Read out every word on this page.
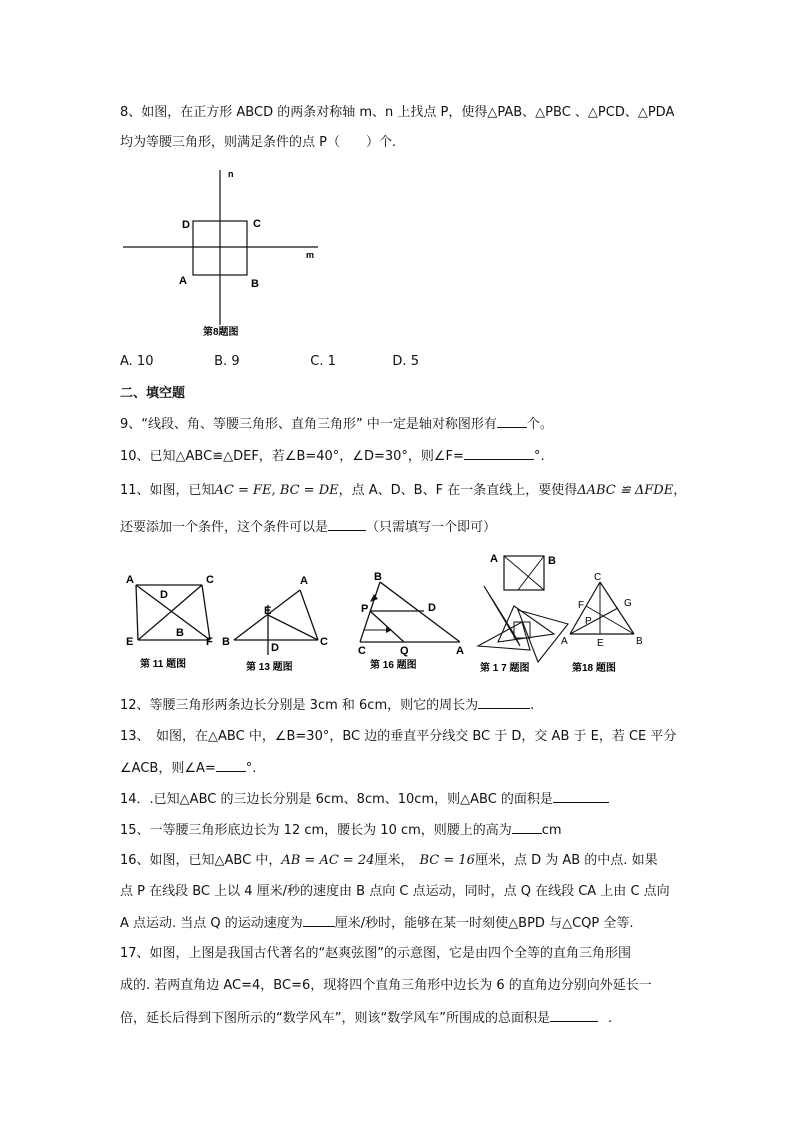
8、如图，在正方形 ABCD 的两条对称轴 m、n 上找点 P，使得△PAB、△PBC 、△PCD、△PDA
均为等腰三角形，则满足条件的点 P（　　）个.
n
m
D	C
A	B
第8题图
A. 10	B. 9	C. 1	D. 5
二、填空题
9、“线段、角、等腰三角形、直角三角形” 中一定是轴对称图形有 个。
10、已知△ABC≌△DEF，若∠B=40°，∠D=30°，则∠F=	°.
11、如图，已知AC = FE, BC = DE，点 A、D、B、F 在一条直线上，要使得ΔABC ≌ ΔFDE，
还要添加一个条件，这个条件可以是	（只需填写一个即可）
A	C
D
B
E	F
第 11 题图
A
E
B	D	C
第 13 题图
B
P	D
C	Q	A
第 16 题图
A	B
第 1 7 题图
C
F	G
P
A	E	B
第18 题图
12、等腰三角形两条边长分别是 3cm 和 6cm，则它的周长为	.
13、　如图，在△ABC 中，∠B=30°，BC 边的垂直平分线交 BC 于 D，交 AB 于 E，若 CE 平分
∠ACB，则∠A= °.
14．.已知△ABC 的三边长分别是 6cm、8cm、10cm，则△ABC 的面积是
15、一等腰三角形底边长为 12 cm，腰长为 10 cm，则腰上的高为 cm
16、如图，已知△ABC 中，AB = AC = 24厘米， BC = 16厘米，点 D 为 AB 的中点. 如果
点 P 在线段 BC 上以 4 厘米/秒的速度由 B 点向 C 点运动，同时，点 Q 在线段 CA 上由 C 点向
A 点运动. 当点 Q 的运动速度为 厘米/秒时，能够在某一时刻使△BPD 与△CQP 全等.
17、如图，上图是我国古代著名的“赵爽弦图”的示意图，它是由四个全等的直角三角形围
成的. 若两直角边 AC=4，BC=6，现将四个直角三角形中边长为 6 的直角边分别向外延长一
倍，延长后得到下图所示的“数学风车”，则该“数学风车”所围成的总面积是	.
